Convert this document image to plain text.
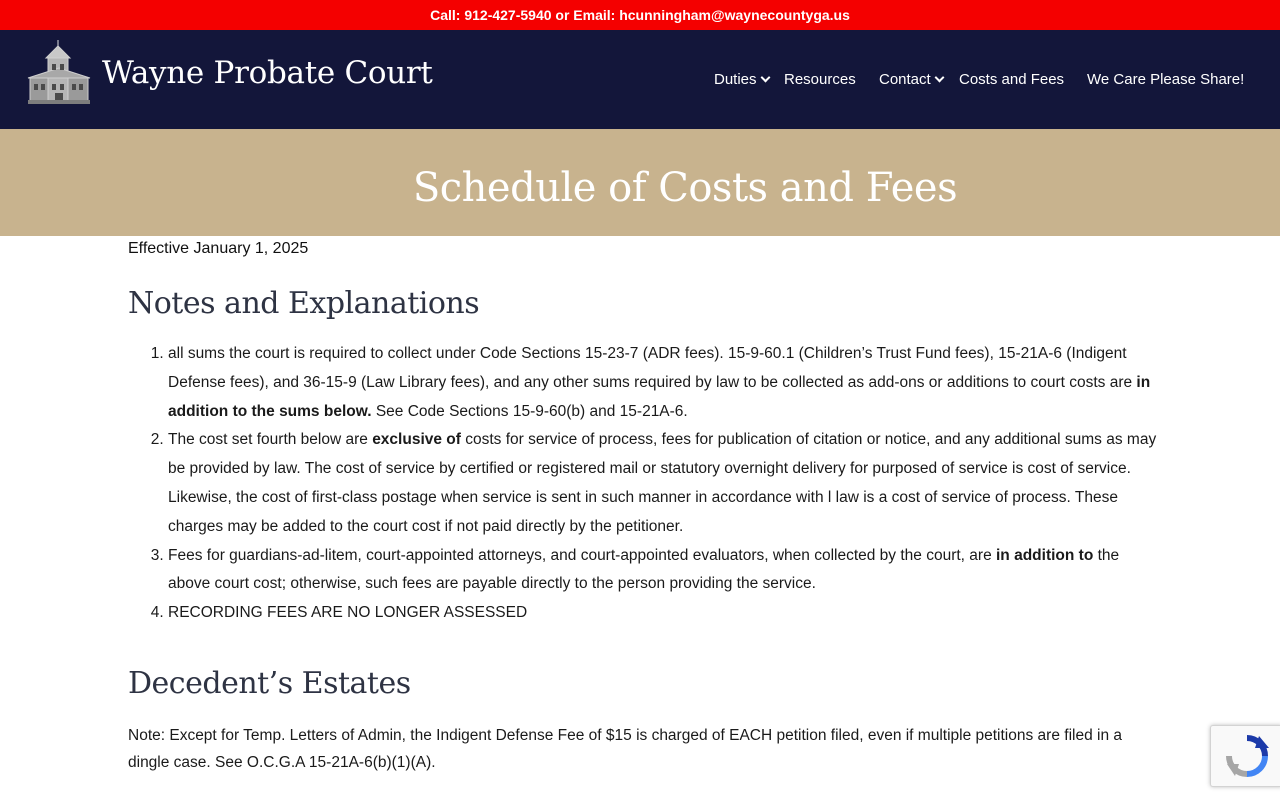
Call: 912-427-5940 or Email: hcunningham@waynecountyga.us
Wayne Probate Court	Duties Resources Contact Costs and Fees We Care Please Share!
Schedule of Costs and Fees
Effective January 1, 2025
Notes and Explanations
1. all sums the court is required to collect under Code Sections 15-23-7 (ADR fees). 15-9-60.1 (Children’s Trust Fund fees), 15-21A-6 (Indigent Defense fees), and 36-15-9 (Law Library fees), and any other sums required by law to be collected as add-ons or additions to court costs are in addition to the sums below. See Code Sections 15-9-60(b) and 15-21A-6.
2. The cost set fourth below are exclusive of costs for service of process, fees for publication of citation or notice, and any additional sums as may be provided by law. The cost of service by certified or registered mail or statutory overnight delivery for purposed of service is cost of service. Likewise, the cost of first-class postage when service is sent in such manner in accordance with l law is a cost of service of process. These charges may be added to the court cost if not paid directly by the petitioner.
3. Fees for guardians-ad-litem, court-appointed attorneys, and court-appointed evaluators, when collected by the court, are in addition to the above court cost; otherwise, such fees are payable directly to the person providing the service.
4. RECORDING FEES ARE NO LONGER ASSESSED
Decedent’s Estates

Note: Except for Temp. Letters of Admin, the Indigent Defense Fee of $15 is charged of EACH petition filed, even if multiple petitions are filed in a dingle case. See O.C.G.A 15-21A-6(b)(1)(A).
